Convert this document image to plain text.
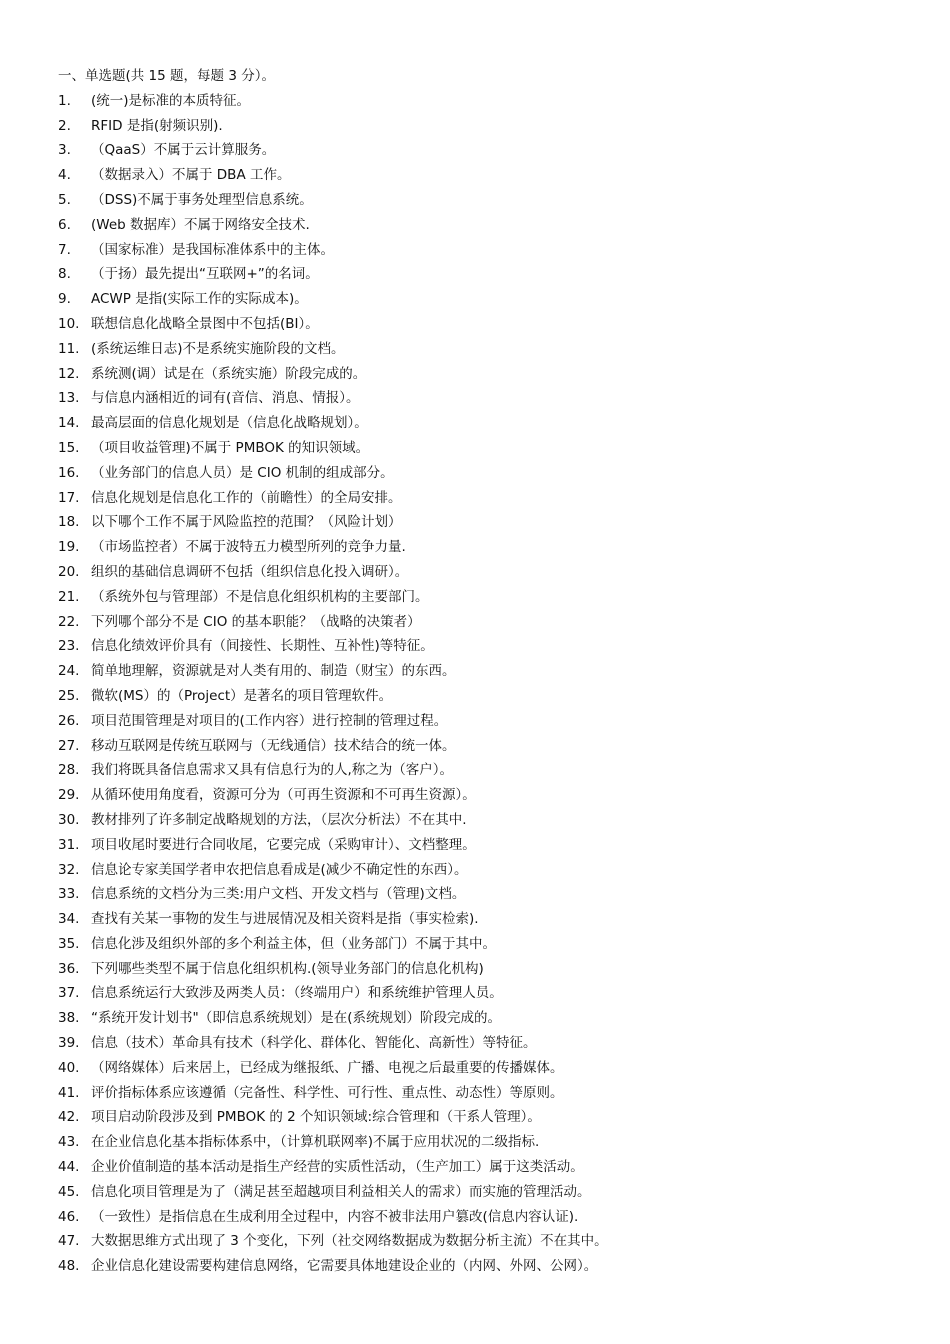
一、单选题(共 15 题，每题 3 分）。
1.	(统一)是标准的本质特征。
2.	RFID 是指(射频识别).
3.	（QaaS）不属于云计算服务。
4.	（数据录入）不属于 DBA 工作。
5.	（DSS)不属于事务处理型信息系统。
6.	(Web 数据库）不属于网络安全技术.
7.	（国家标准）是我国标准体系中的主体。
8.	（于扬）最先提出“互联网+”的名词。
9.	ACWP 是指(实际工作的实际成本)。
10. 联想信息化战略全景图中不包括(BI）。
11. (系统运维日志)不是系统实施阶段的文档。
12. 系统测(调）试是在（系统实施）阶段完成的。
13. 与信息内涵相近的词有(音信、消息、情报）。
14. 最高层面的信息化规划是（信息化战略规划）。
15. （项目收益管理)不属于 PMBOK 的知识领域。
16. （业务部门的信息人员）是 CIO 机制的组成部分。
17. 信息化规划是信息化工作的（前瞻性）的全局安排。
18. 以下哪个工作不属于风险监控的范围？（风险计划）
19. （市场监控者）不属于波特五力模型所列的竞争力量.
20. 组织的基础信息调研不包括（组织信息化投入调研）。
21. （系统外包与管理部）不是信息化组织机构的主要部门。
22. 下列哪个部分不是 CIO 的基本职能？（战略的决策者）
23. 信息化绩效评价具有（间接性、长期性、互补性)等特征。
24. 简单地理解，资源就是对人类有用的、制造（财宝）的东西。
25. 微软(MS）的（Project）是著名的项目管理软件。
26. 项目范围管理是对项目的(工作内容）进行控制的管理过程。
27. 移动互联网是传统互联网与（无线通信）技术结合的统一体。
28. 我们将既具备信息需求又具有信息行为的人,称之为（客户）。
29. 从循环使用角度看，资源可分为（可再生资源和不可再生资源）。
30. 教材排列了许多制定战略规划的方法，（层次分析法）不在其中.
31. 项目收尾时要进行合同收尾，它要完成（采购审计）、文档整理。
32. 信息论专家美国学者申农把信息看成是(减少不确定性的东西）。
33. 信息系统的文档分为三类:用户文档、开发文档与（管理)文档。
34. 查找有关某一事物的发生与进展情况及相关资料是指（事实检索).
35. 信息化涉及组织外部的多个利益主体，但（业务部门）不属于其中。
36. 下列哪些类型不属于信息化组织机构.(领导业务部门的信息化机构)
37. 信息系统运行大致涉及两类人员：（终端用户）和系统维护管理人员。
38. “系统开发计划书"（即信息系统规划）是在(系统规划）阶段完成的。
39. 信息（技术）革命具有技术（科学化、群体化、智能化、高新性）等特征。
40. （网络媒体）后来居上，已经成为继报纸、广播、电视之后最重要的传播媒体。
41. 评价指标体系应该遵循（完备性、科学性、可行性、重点性、动态性）等原则。
42. 项目启动阶段涉及到 PMBOK 的 2 个知识领域:综合管理和（干系人管理）。
43. 在企业信息化基本指标体系中，（计算机联网率)不属于应用状况的二级指标.
44. 企业价值制造的基本活动是指生产经营的实质性活动，（生产加工）属于这类活动。
45. 信息化项目管理是为了（满足甚至超越项目利益相关人的需求）而实施的管理活动。
46. （一致性）是指信息在生成利用全过程中，内容不被非法用户篡改(信息内容认证).
47. 大数据思维方式出现了 3 个变化，下列（社交网络数据成为数据分析主流）不在其中。
48. 企业信息化建设需要构建信息网络，它需要具体地建设企业的（内网、外网、公网）。
